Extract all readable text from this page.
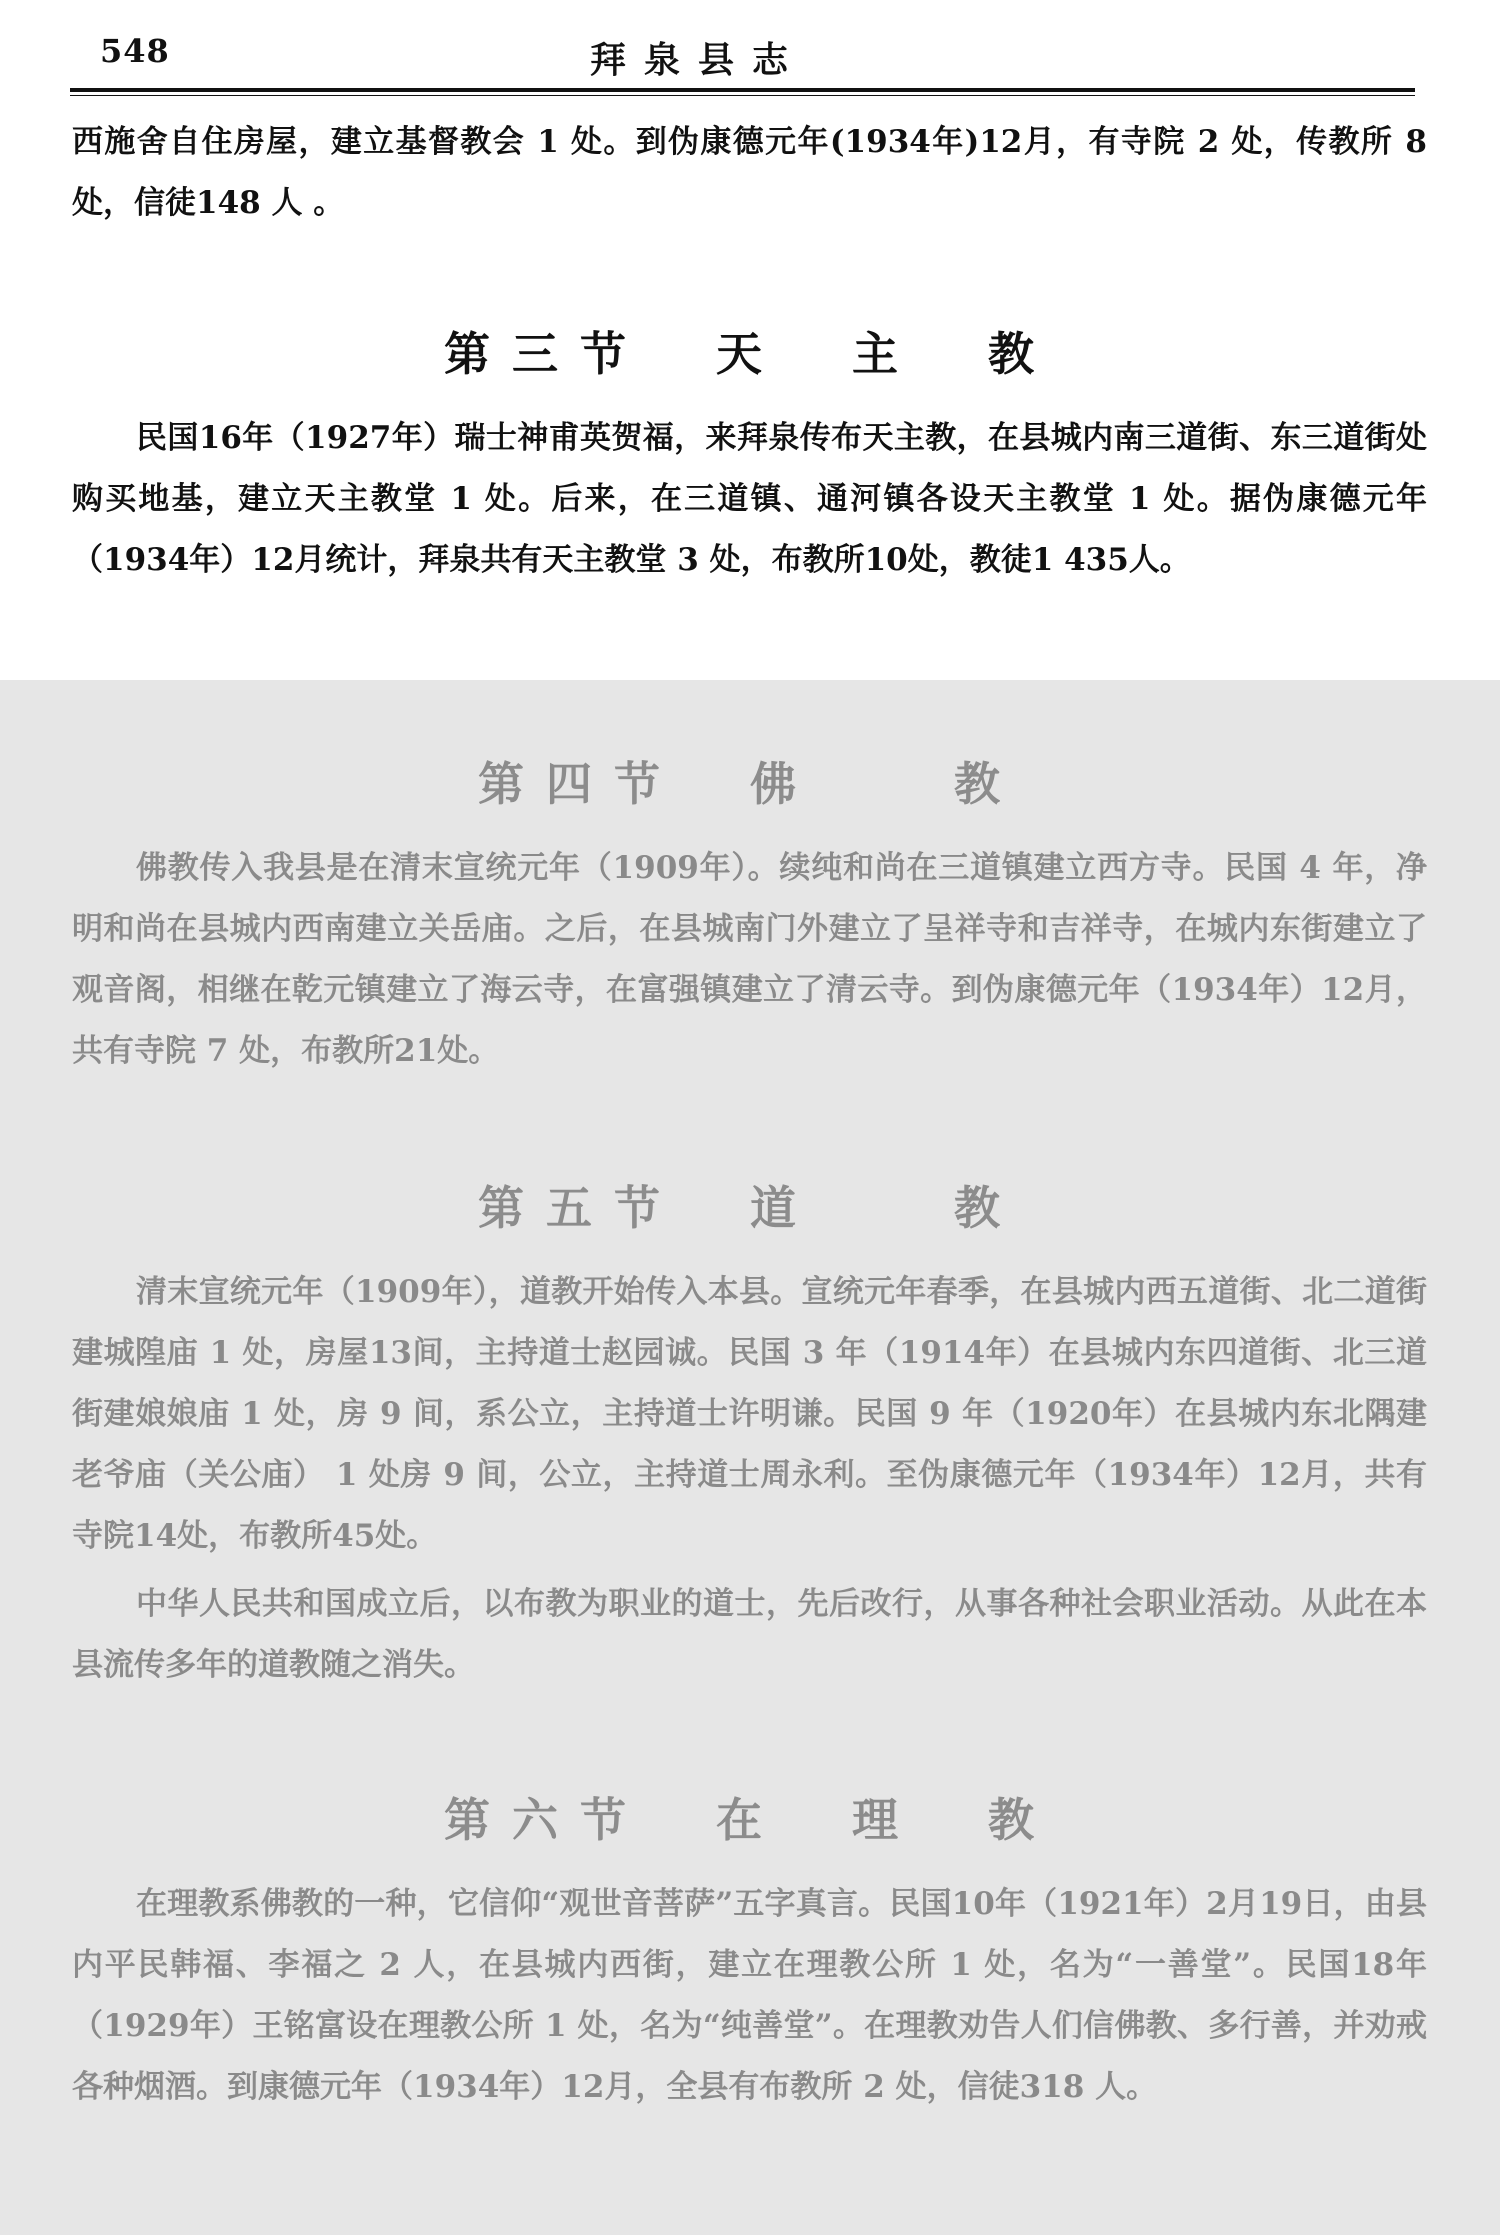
548	拜泉县志

西施舍自住房屋，建立基督教会 1 处。到伪康德元年(1934年)12月，有寺院 2 处，传教所 8 处，信徒148 人 。

第三节　天　主　教

民国16年（1927年）瑞士神甫英贺福，来拜泉传布天主教，在县城内南三道街、东三道街处购买地基，建立天主教堂 1 处。后来，在三道镇、通河镇各设天主教堂 1 处。据伪康德元年（1934年）12月统计，拜泉共有天主教堂 3 处，布教所10处，教徒1 435人。

第四节　佛　　教

佛教传入我县是在清末宣统元年（1909年）。续纯和尚在三道镇建立西方寺。民国 4 年，净明和尚在县城内西南建立关岳庙。之后，在县城南门外建立了呈祥寺和吉祥寺，在城内东街建立了观音阁，相继在乾元镇建立了海云寺，在富强镇建立了清云寺。到伪康德元年（1934年）12月，共有寺院 7 处，布教所21处。

第五节　道　　教

清末宣统元年（1909年），道教开始传入本县。宣统元年春季，在县城内西五道街、北二道街建城隍庙 1 处，房屋13间，主持道士赵园诚。民国 3 年（1914年）在县城内东四道街、北三道街建娘娘庙 1 处，房 9 间，系公立，主持道士许明谦。民国 9 年（1920年）在县城内东北隅建老爷庙（关公庙） 1 处房 9 间，公立，主持道士周永利。至伪康德元年（1934年）12月，共有寺院14处，布教所45处。

中华人民共和国成立后，以布教为职业的道士，先后改行，从事各种社会职业活动。从此在本县流传多年的道教随之消失。

第六节　在　理　教

在理教系佛教的一种，它信仰“观世音菩萨”五字真言。民国10年（1921年）2月19日，由县内平民韩福、李福之 2 人，在县城内西街，建立在理教公所 1 处，名为“一善堂”。民国18年（1929年）王铭富设在理教公所 1 处，名为“纯善堂”。在理教劝告人们信佛教、多行善，并劝戒各种烟酒。到康德元年（1934年）12月，全县有布教所 2 处，信徒318 人。
